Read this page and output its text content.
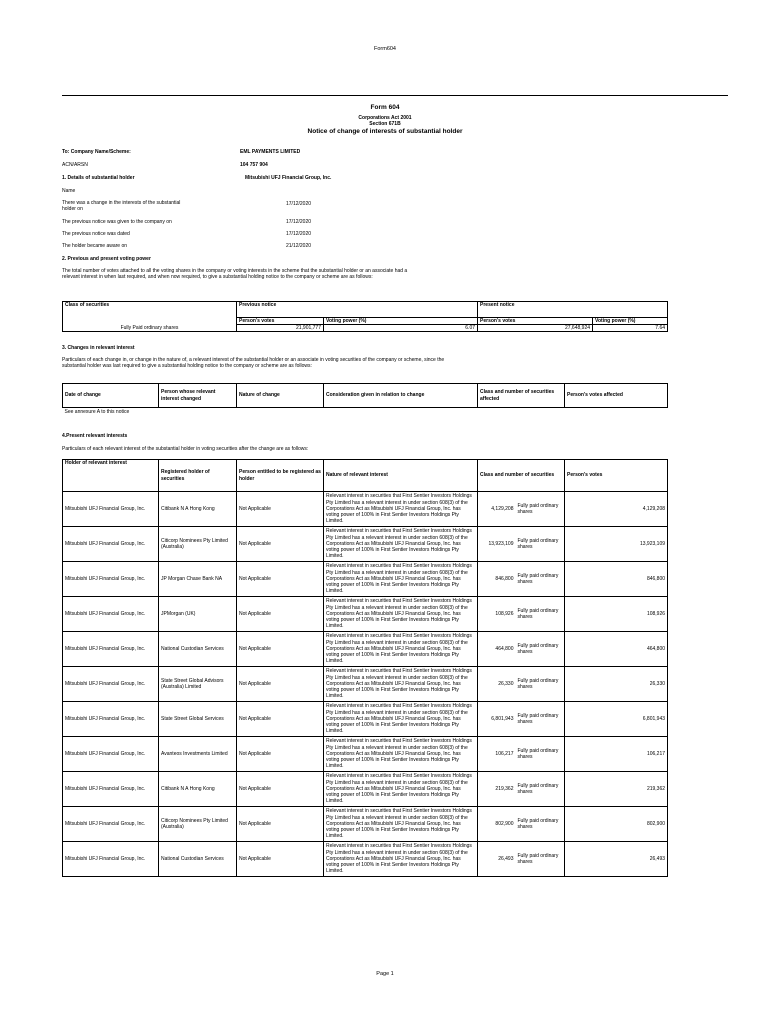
Form604
Form 604
Corporations Act 2001
Section 671B
Notice of change of interests of substantial holder
To: Company Name/Scheme:	EML PAYMENTS LIMITED
ACN/ARSN	104 757 904
1. Details of substantial holder	Mitsubishi UFJ Financial Group, Inc.
Name
There was a change in the interests of the substantial holder on
17/12/2020
The previous notice was given to the company on	17/12/2020
The previous notice was dated	17/12/2020
The holder became aware on	21/12/2020
2. Previous and present voting power
The total number of votes attached to all the voting shares in the company or voting interests in the scheme that the substantial holder or an associate had a relevant interest in when last required, and when now required, to give a substantial holding notice to the company or scheme are as follows:
Class of securities	Previous notice		Present notice	
	Person's votes	Voting power (%)	Person's votes	Voting power (%)
Fully Paid ordinary shares	21,901,777	6.07	27,648,924	7.64
3. Changes in relevant interest
Particulars of each change in, or change in the nature of, a relevant interest of the substantial holder or an associate in voting securities of the company or scheme, since the substantial holder was last required to give a substantial holding notice to the company or scheme are as follows:
Date of change	Person whose relevant interest changed	Nature of change	Consideration given in relation to change	Class and number of securities affected	Person's votes affected
See annexure A to this notice
4.Present relevant interests
Particulars of each relevant interest of the substantial holder in voting securities after the change are as follows:
Holder of relevant interest	Registered holder of securities	Person entitled to be registered as holder	Nature of relevant interest	Class and number of securities		Person's votes
Mitsubishi UFJ Financial Group, Inc.	Citibank N A Hong Kong	Not Applicable	Relevant interest in securities that First Sentier Investors Holdings Pty Limited has a relevant interest in under section 608(3) of the Corporations Act as Mitsubishi UFJ Financial Group, Inc. has voting power of 100% in First Sentier Investors Holdings Pty Limited.	4,129,208	Fully paid ordinary shares	4,129,208
Mitsubishi UFJ Financial Group, Inc.	Citicorp Nominees Pty Limited (Australia)	Not Applicable	Relevant interest in securities that First Sentier Investors Holdings Pty Limited has a relevant interest in under section 608(3) of the Corporations Act as Mitsubishi UFJ Financial Group, Inc. has voting power of 100% in First Sentier Investors Holdings Pty Limited.	13,923,109	Fully paid ordinary shares	13,923,109
Mitsubishi UFJ Financial Group, Inc.	JP Morgan Chase Bank NA	Not Applicable	Relevant interest in securities that First Sentier Investors Holdings Pty Limited has a relevant interest in under section 608(3) of the Corporations Act as Mitsubishi UFJ Financial Group, Inc. has voting power of 100% in First Sentier Investors Holdings Pty Limited.	846,800	Fully paid ordinary shares	846,800
Mitsubishi UFJ Financial Group, Inc.	JPMorgan (UK)	Not Applicable	Relevant interest in securities that First Sentier Investors Holdings Pty Limited has a relevant interest in under section 608(3) of the Corporations Act as Mitsubishi UFJ Financial Group, Inc. has voting power of 100% in First Sentier Investors Holdings Pty Limited.	108,926	Fully paid ordinary shares	108,926
Mitsubishi UFJ Financial Group, Inc.	National Custodian Services	Not Applicable	Relevant interest in securities that First Sentier Investors Holdings Pty Limited has a relevant interest in under section 608(3) of the Corporations Act as Mitsubishi UFJ Financial Group, Inc. has voting power of 100% in First Sentier Investors Holdings Pty Limited.	464,800	Fully paid ordinary shares	464,800
Mitsubishi UFJ Financial Group, Inc.	State Street Global Advisors (Australia) Limited	Not Applicable	Relevant interest in securities that First Sentier Investors Holdings Pty Limited has a relevant interest in under section 608(3) of the Corporations Act as Mitsubishi UFJ Financial Group, Inc. has voting power of 100% in First Sentier Investors Holdings Pty Limited.	26,330	Fully paid ordinary shares	26,330
Mitsubishi UFJ Financial Group, Inc.	State Street Global Services	Not Applicable	Relevant interest in securities that First Sentier Investors Holdings Pty Limited has a relevant interest in under section 608(3) of the Corporations Act as Mitsubishi UFJ Financial Group, Inc. has voting power of 100% in First Sentier Investors Holdings Pty Limited.	6,801,943	Fully paid ordinary shares	6,801,943
Mitsubishi UFJ Financial Group, Inc.	Avanteos Investments Limited	Not Applicable	Relevant interest in securities that First Sentier Investors Holdings Pty Limited has a relevant interest in under section 608(3) of the Corporations Act as Mitsubishi UFJ Financial Group, Inc. has voting power of 100% in First Sentier Investors Holdings Pty Limited.	106,217	Fully paid ordinary shares	106,217
Mitsubishi UFJ Financial Group, Inc.	Citibank N A Hong Kong	Not Applicable	Relevant interest in securities that First Sentier Investors Holdings Pty Limited has a relevant interest in under section 608(3) of the Corporations Act as Mitsubishi UFJ Financial Group, Inc. has voting power of 100% in First Sentier Investors Holdings Pty Limited.	219,362	Fully paid ordinary shares	219,362
Mitsubishi UFJ Financial Group, Inc.	Citicorp Nominees Pty Limited (Australia)	Not Applicable	Relevant interest in securities that First Sentier Investors Holdings Pty Limited has a relevant interest in under section 608(3) of the Corporations Act as Mitsubishi UFJ Financial Group, Inc. has voting power of 100% in First Sentier Investors Holdings Pty Limited.	802,900	Fully paid ordinary shares	802,900
Mitsubishi UFJ Financial Group, Inc.	National Custodian Services	Not Applicable	Relevant interest in securities that First Sentier Investors Holdings Pty Limited has a relevant interest in under section 608(3) of the Corporations Act as Mitsubishi UFJ Financial Group, Inc. has voting power of 100% in First Sentier Investors Holdings Pty Limited.	26,493	Fully paid ordinary shares	26,493
Page 1
